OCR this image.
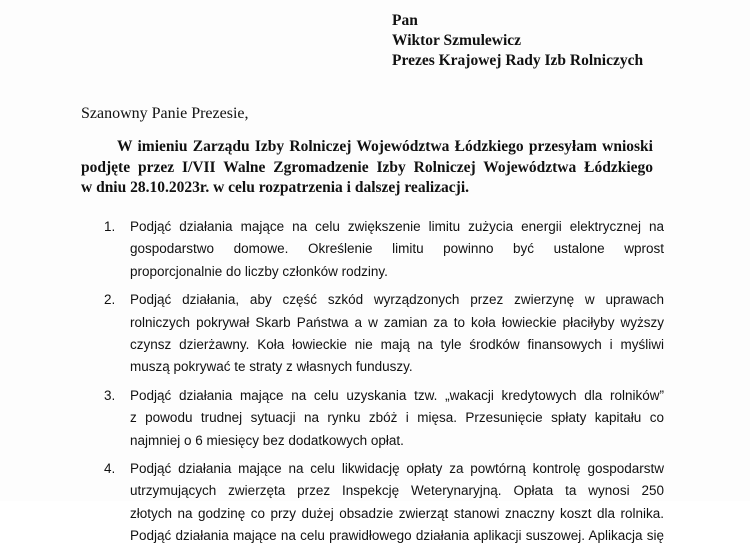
Pan
Wiktor Szmulewicz
Prezes Krajowej Rady Izb Rolniczych
Szanowny Panie Prezesie,
W imieniu Zarządu Izby Rolniczej Województwa Łódzkiego przesyłam wnioski
podjęte przez I/VII Walne Zgromadzenie Izby Rolniczej Województwa Łódzkiego
w dniu 28.10.2023r. w celu rozpatrzenia i dalszej realizacji.
1. Podjąć działania mające na celu zwiększenie limitu zużycia energii elektrycznej na
gospodarstwo domowe. Określenie limitu powinno być ustalone wprost
proporcjonalnie do liczby członków rodziny.
2. Podjąć działania, aby część szkód wyrządzonych przez zwierzynę w uprawach
rolniczych pokrywał Skarb Państwa a w zamian za to koła łowieckie płaciłyby wyższy
czynsz dzierżawny. Koła łowieckie nie mają na tyle środków finansowych i myśliwi
muszą pokrywać te straty z własnych funduszy.
3. Podjąć działania mające na celu uzyskania tzw. „wakacji kredytowych dla rolników”
z powodu trudnej sytuacji na rynku zbóż i mięsa. Przesunięcie spłaty kapitału co
najmniej o 6 miesięcy bez dodatkowych opłat.
4. Podjąć działania mające na celu likwidację opłaty za powtórną kontrolę gospodarstw
utrzymujących zwierzęta przez Inspekcję Weterynaryjną. Opłata ta wynosi 250
złotych na godzinę co przy dużej obsadzie zwierząt stanowi znaczny koszt dla rolnika.
Podjąć działania mające na celu prawidłowego działania aplikacji suszowej. Aplikacja się
